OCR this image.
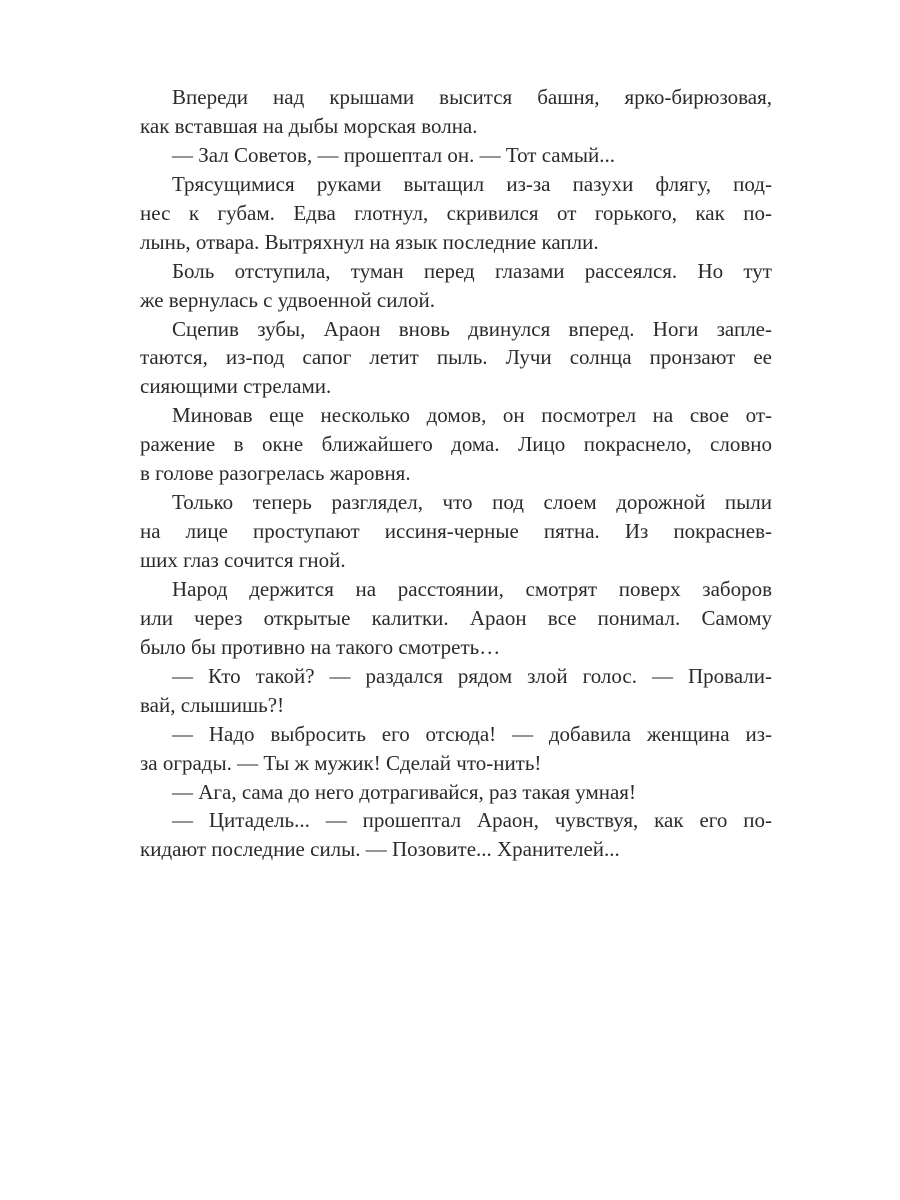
Впереди над крышами высится башня, ярко-бирюзовая,
как вставшая на дыбы морская волна.
— Зал Советов, — прошептал он. — Тот самый...
Трясущимися руками вытащил из-за пазухи флягу, под-
нес к губам. Едва глотнул, скривился от горького, как по-
лынь, отвара. Вытряхнул на язык последние капли.
Боль отступила, туман перед глазами рассеялся. Но тут
же вернулась с удвоенной силой.
Сцепив зубы, Араон вновь двинулся вперед. Ноги запле-
таются, из-под сапог летит пыль. Лучи солнца пронзают ее
сияющими стрелами.
Миновав еще несколько домов, он посмотрел на свое от-
ражение в окне ближайшего дома. Лицо покраснело, словно
в голове разогрелась жаровня.
Только теперь разглядел, что под слоем дорожной пыли
на лице проступают иссиня-черные пятна. Из покраснев-
ших глаз сочится гной.
Народ держится на расстоянии, смотрят поверх заборов
или через открытые калитки. Араон все понимал. Самому
было бы противно на такого смотреть…
— Кто такой? — раздался рядом злой голос. — Провали-
вай, слышишь?!
— Надо выбросить его отсюда! — добавила женщина из-
за ограды. — Ты ж мужик! Сделай что-нить!
— Ага, сама до него дотрагивайся, раз такая умная!
— Цитадель... — прошептал Араон, чувствуя, как его по-
кидают последние силы. — Позовите... Хранителей...
